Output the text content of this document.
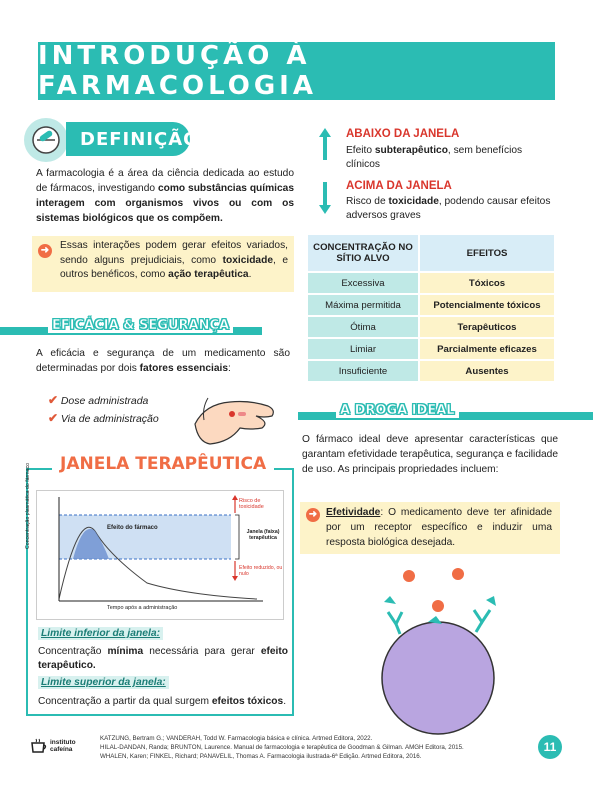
INTRODUÇÃO À FARMACOLOGIA
DEFINIÇÃO
A farmacologia é a área da ciência dedicada ao estudo de fármacos, investigando como substâncias químicas interagem com organismos vivos ou com os sistemas biológicos que os compõem.
Essas interações podem gerar efeitos variados, sendo alguns prejudiciais, como toxicidade, e outros benéficos, como ação terapêutica.
➜
EFICÁCIA & SEGURANÇA
A eficácia e segurança de um medicamento são determinadas por dois fatores essenciais:
✔ Dose administrada
✔ Via de administração
JANELA TERAPÊUTICA
Concentração plasmática do fármaco
Tempo após a administração
Efeito do fármaco
Risco de toxicidade
Janela (faixa) terapêutica
Efeito reduzido, ou nulo
Limite inferior da janela:
Concentração mínima necessária para gerar efeito terapêutico.
Limite superior da janela:
Concentração a partir da qual surgem efeitos tóxicos.
ABAIXO DA JANELA
Efeito subterapêutico, sem benefícios clínicos
ACIMA DA JANELA
Risco de toxicidade, podendo causar efeitos adversos graves
CONCENTRAÇÃO NO SÍTIO ALVO	EFEITOS
Excessiva	Tóxicos
Máxima permitida	Potencialmente tóxicos
Ótima	Terapêuticos
Limiar	Parcialmente eficazes
Insuficiente	Ausentes
A DROGA IDEAL
O fármaco ideal deve apresentar características que garantam efetividade terapêutica, segurança e facilidade de uso. As principais propriedades incluem:
Efetividade: O medicamento deve ter afinidade por um receptor específico e induzir uma resposta biológica desejada.
➜
instituto
cafeína
KATZUNG, Bertram G.; VANDERAH, Todd W. Farmacologia básica e clínica. Artmed Editora, 2022.
HILAL-DANDAN, Randa; BRUNTON, Laurence. Manual de farmacologia e terapêutica de Goodman & Gilman. AMGH Editora, 2015.
WHALEN, Karen; FINKEL, Richard; PANAVELIL, Thomas A. Farmacologia ilustrada-6ª Edição. Artmed Editora, 2016.
11
